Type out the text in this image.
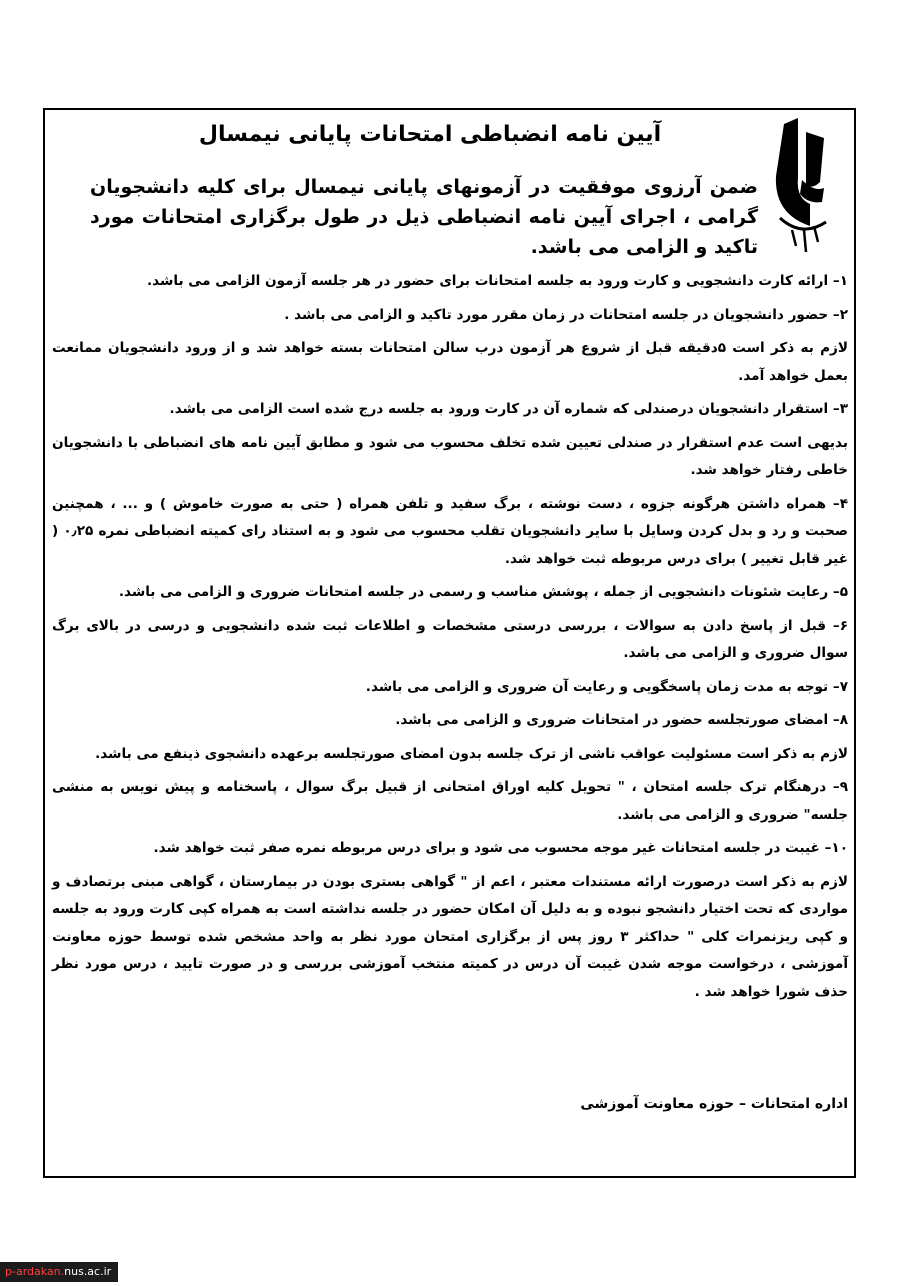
آیین نامه انضباطی امتحانات پایانی نیمسال
ضمن آرزوی موفقیت در آزمونهای پایانی نیمسال برای کلیه دانشجویان گرامی ، اجرای آیین نامه انضباطی ذیل در طول برگزاری امتحانات مورد تاکید و الزامی می باشد.

۱– ارائه کارت دانشجویی و کارت ورود به جلسه امتحانات برای حضور در هر جلسه آزمون الزامی می باشد.

۲– حضور دانشجویان در جلسه امتحانات در زمان مقرر مورد تاکید و الزامی می باشد .

لازم به ذکر است ۵دقیقه قبل از شروع هر آزمون درب سالن امتحانات بسته خواهد شد و از ورود دانشجویان ممانعت بعمل خواهد آمد.

۳– استقرار دانشجویان درصندلی که شماره آن در کارت ورود به جلسه درج شده است الزامی می باشد.

بدیهی است عدم استقرار در صندلی تعیین شده تخلف محسوب می شود و مطابق آیین نامه های انضباطی با دانشجویان خاطی رفتار خواهد شد.

۴– همراه داشتن هرگونه جزوه ، دست نوشته ، برگ سفید و تلفن همراه ( حتی به صورت خاموش ) و ... ، همچنین صحبت و رد و بدل کردن وسایل با سایر دانشجویان تقلب محسوب می شود و به استناد رای کمیته انضباطی نمره ۰٫۲۵ ( غیر قابل تغییر ) برای درس مربوطه ثبت خواهد شد.

۵– رعایت شئونات دانشجویی از جمله ، پوشش مناسب و رسمی در جلسه امتحانات ضروری و الزامی می باشد.

۶– قبل از پاسخ دادن به سوالات ، بررسی درستی مشخصات و اطلاعات ثبت شده دانشجویی و درسی در بالای برگ سوال ضروری و الزامی می باشد.

۷– توجه به مدت زمان پاسخگویی و رعایت آن ضروری و الزامی می باشد.

۸– امضای صورتجلسه حضور در امتحانات ضروری و الزامی می باشد.

لازم به ذکر است مسئولیت عواقب ناشی از ترک جلسه بدون امضای صورتجلسه برعهده دانشجوی ذینفع می باشد.

۹– درهنگام ترک جلسه امتحان ، " تحویل کلیه اوراق امتحانی از قبیل برگ سوال ، پاسخنامه و پیش نویس به منشی جلسه" ضروری و الزامی می باشد.

۱۰– غیبت در جلسه امتحانات غیر موجه محسوب می شود و برای درس مربوطه نمره صفر ثبت خواهد شد.

لازم به ذکر است درصورت ارائه مستندات معتبر ، اعم از " گواهی بستری بودن در بیمارستان ، گواهی مبنی برتصادف و مواردی که تحت اختیار دانشجو نبوده و به دلیل آن امکان حضور در جلسه نداشته است به همراه کپی کارت ورود به جلسه و کپی ریزنمرات کلی " حداکثر ۳ روز پس از برگزاری امتحان مورد نظر به واحد مشخص شده توسط حوزه معاونت آموزشی ، درخواست موجه شدن غیبت آن درس در کمیته منتخب آموزشی بررسی و در صورت تایید ، درس مورد نظر حذف شورا خواهد شد .

اداره امتحانات – حوزه معاونت آموزشی
p-ardakan.nus.ac.ir
